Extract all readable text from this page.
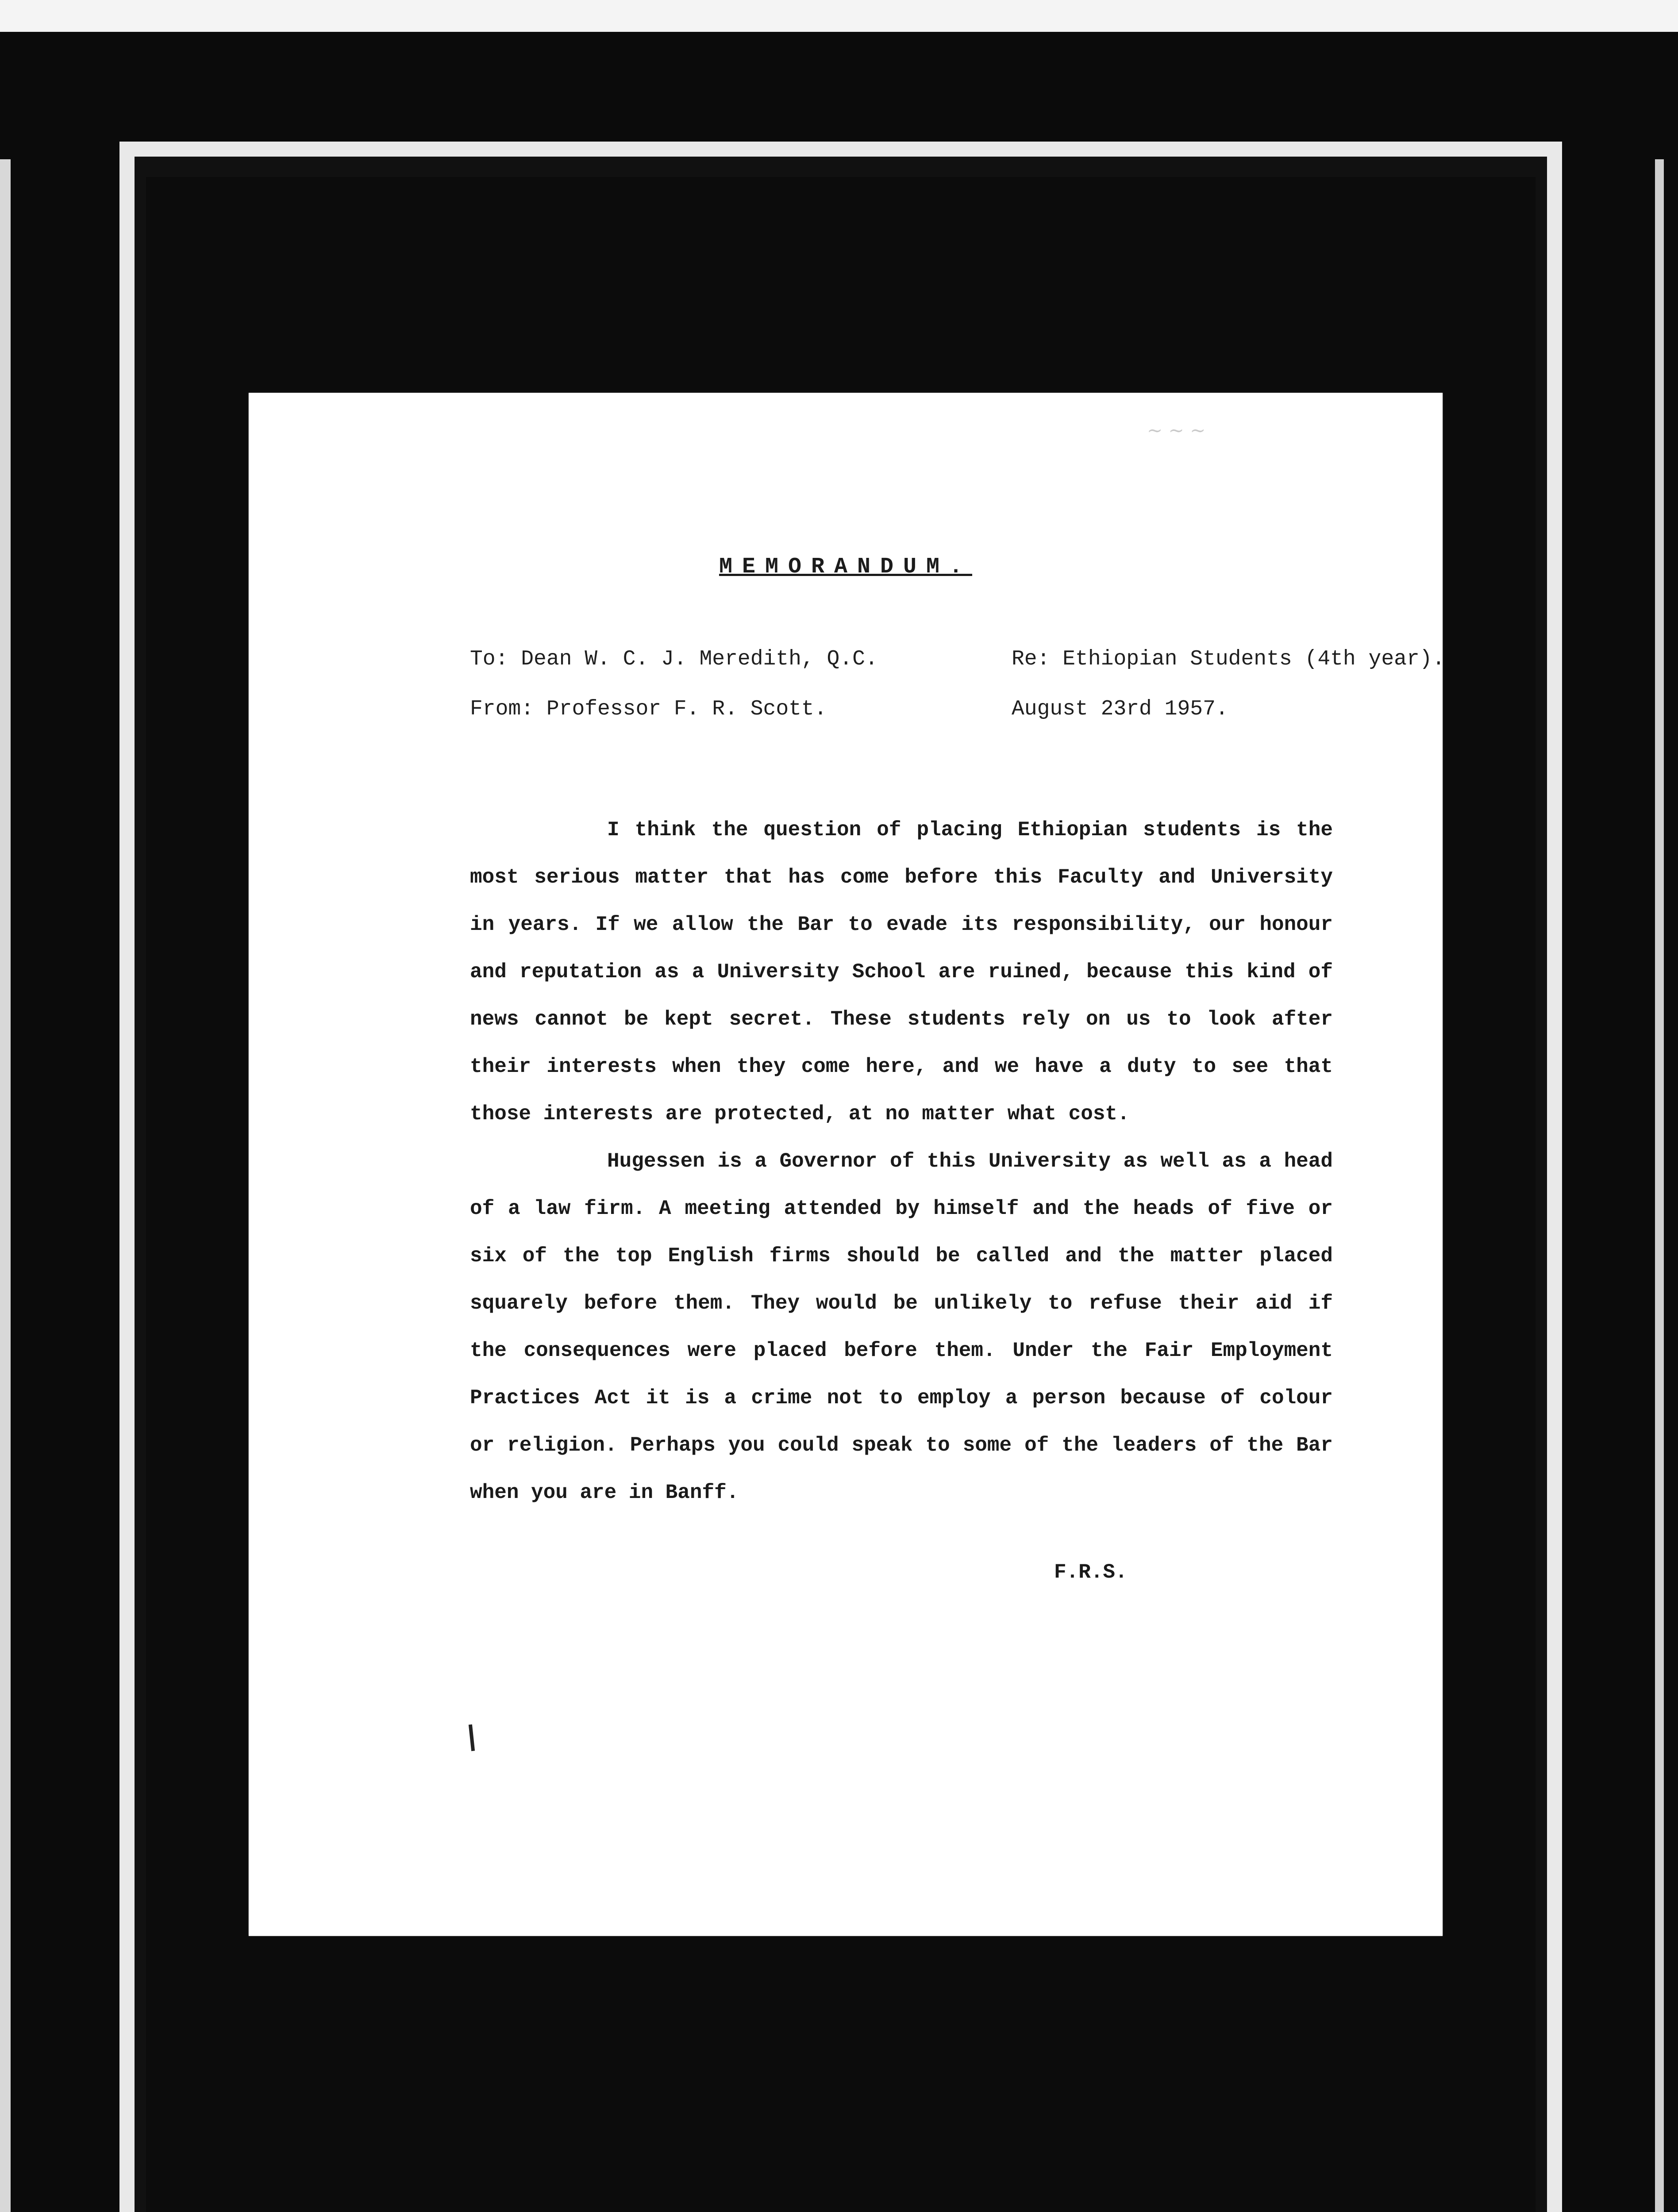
~ ~ ~
MEMORANDUM.
To: Dean W. C. J. Meredith, Q.C.	Re: Ethiopian Students (4th year).
From: Professor F. R. Scott.	August 23rd 1957.

I think the question of placing Ethiopian students is the most serious matter that has come before this Faculty and University in years. If we allow the Bar to evade its responsibility, our honour and reputation as a University School are ruined, because this kind of news cannot be kept secret. These students rely on us to look after their interests when they come here, and we have a duty to see that those interests are protected, at no matter what cost.

Hugessen is a Governor of this University as well as a head of a law firm. A meeting attended by himself and the heads of five or six of the top English firms should be called and the matter placed squarely before them. They would be unlikely to refuse their aid if the consequences were placed before them. Under the Fair Employment Practices Act it is a crime not to employ a person because of colour or religion. Perhaps you could speak to some of the leaders of the Bar when you are in Banff.

F.R.S.
